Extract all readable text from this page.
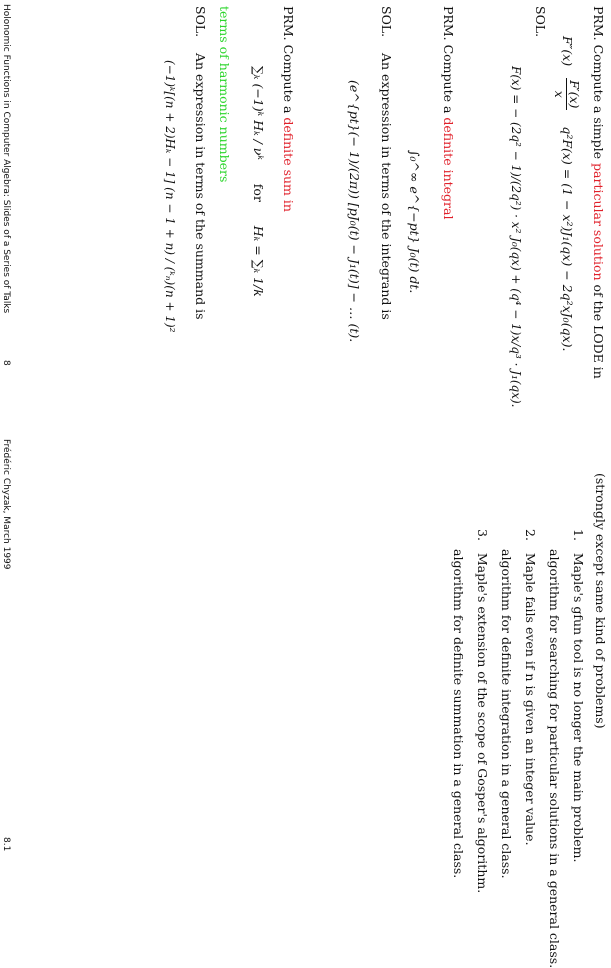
PRM. Compute a simple particular solution of the LODE in
F″(x)
F′(x)
x
q²F(x) = (1 − x²)J₁(qx) − 2q²xJ₀(qx).
SOL.
F(x) = − (2q² − 1)/(2q²) · x² J₀(qx) + (q⁴ − 1)x/q³ · J₁(qx).
PRM. Compute a definite integral
∫₀^∞ e^{−pt} J₀(t) dt.
SOL.    An expression in terms of the integrand is
(e^{pt}(− 1)/(2π)) [pJ₀(t) − J₁(t)] − … (t).
PRM. Compute a definite sum in
∑ₖ (−1)ᵏ Hₖ / νᵏ      for      Hₖ = ∑ₖ 1/k
terms of harmonic numbers
SOL.    An expression in terms of the summand is
(−1)ᵏ[(n + 2)Hₖ − 1] (n − 1 + n) / (ᵏₙ)(n + 1)²
Holonomic Functions in Computer Algebra: Slides of a Series of Talks
8
(strongly except same kind of problems)
1.   Maple's gfun tool is no longer the main problem.
algorithm for searching for particular solutions in a general class.
2.   Maple fails even if n is given an integer value.
algorithm for definite integration in a general class.
3.   Maple's extension of the scope of Gosper's algorithm.
algorithm for definite summation in a general class.
Frédéric Chyzak, March 1999
8.1
